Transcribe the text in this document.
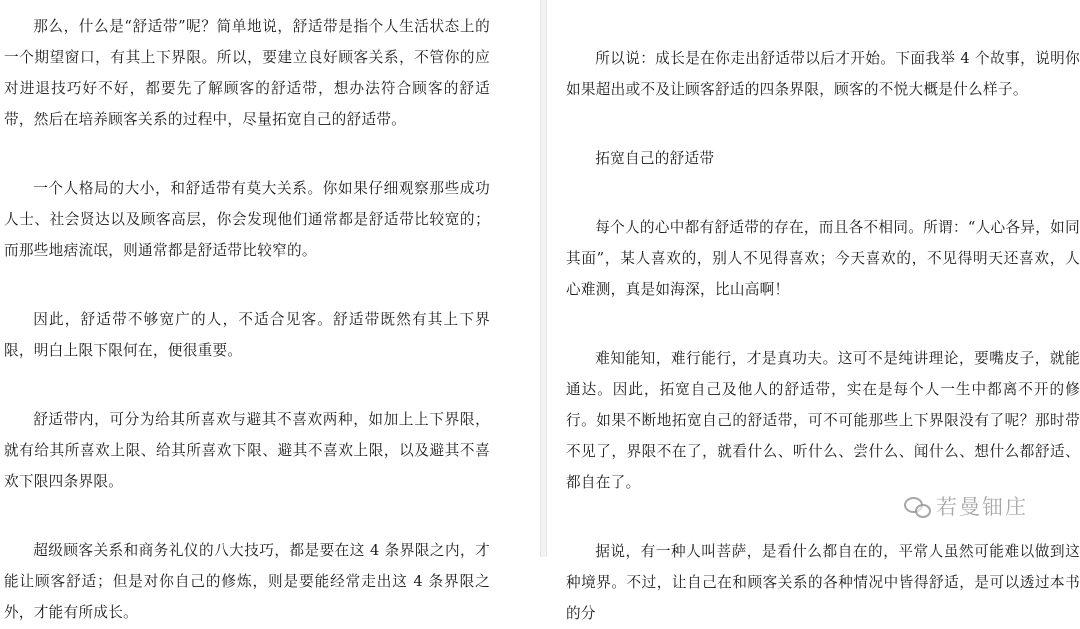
那么，什么是“舒适带”呢？简单地说，舒适带是指个人生活状态上的一个期望窗口，有其上下界限。所以，要建立良好顾客关系，不管你的应对进退技巧好不好，都要先了解顾客的舒适带，想办法符合顾客的舒适带，然后在培养顾客关系的过程中，尽量拓宽自己的舒适带。

一个人格局的大小，和舒适带有莫大关系。你如果仔细观察那些成功人士、社会贤达以及顾客高层，你会发现他们通常都是舒适带比较宽的；而那些地痞流氓，则通常都是舒适带比较窄的。

因此，舒适带不够宽广的人，不适合见客。舒适带既然有其上下界限，明白上限下限何在，便很重要。

舒适带内，可分为给其所喜欢与避其不喜欢两种，如加上上下界限，就有给其所喜欢上限、给其所喜欢下限、避其不喜欢上限，以及避其不喜欢下限四条界限。

超级顾客关系和商务礼仪的八大技巧，都是要在这 4 条界限之内，才能让顾客舒适；但是对你自己的修炼，则是要能经常走出这 4 条界限之外，才能有所成长。

所以说：成长是在你走出舒适带以后才开始。下面我举 4 个故事，说明你如果超出或不及让顾客舒适的四条界限，顾客的不悦大概是什么样子。

拓宽自己的舒适带

每个人的心中都有舒适带的存在，而且各不相同。所谓：“人心各异，如同其面”，某人喜欢的，别人不见得喜欢；今天喜欢的，不见得明天还喜欢，人心难测，真是如海深，比山高啊！

难知能知，难行能行，才是真功夫。这可不是纯讲理论，要嘴皮子，就能通达。因此，拓宽自己及他人的舒适带，实在是每个人一生中都离不开的修行。如果不断地拓宽自己的舒适带，可不可能那些上下界限没有了呢？那时带不见了，界限不在了，就看什么、听什么、尝什么、闻什么、想什么都舒适、都自在了。

据说，有一种人叫菩萨，是看什么都自在的，平常人虽然可能难以做到这种境界。不过，让自己在和顾客关系的各种情况中皆得舒适，是可以透过本书的分

若曼钿庄
